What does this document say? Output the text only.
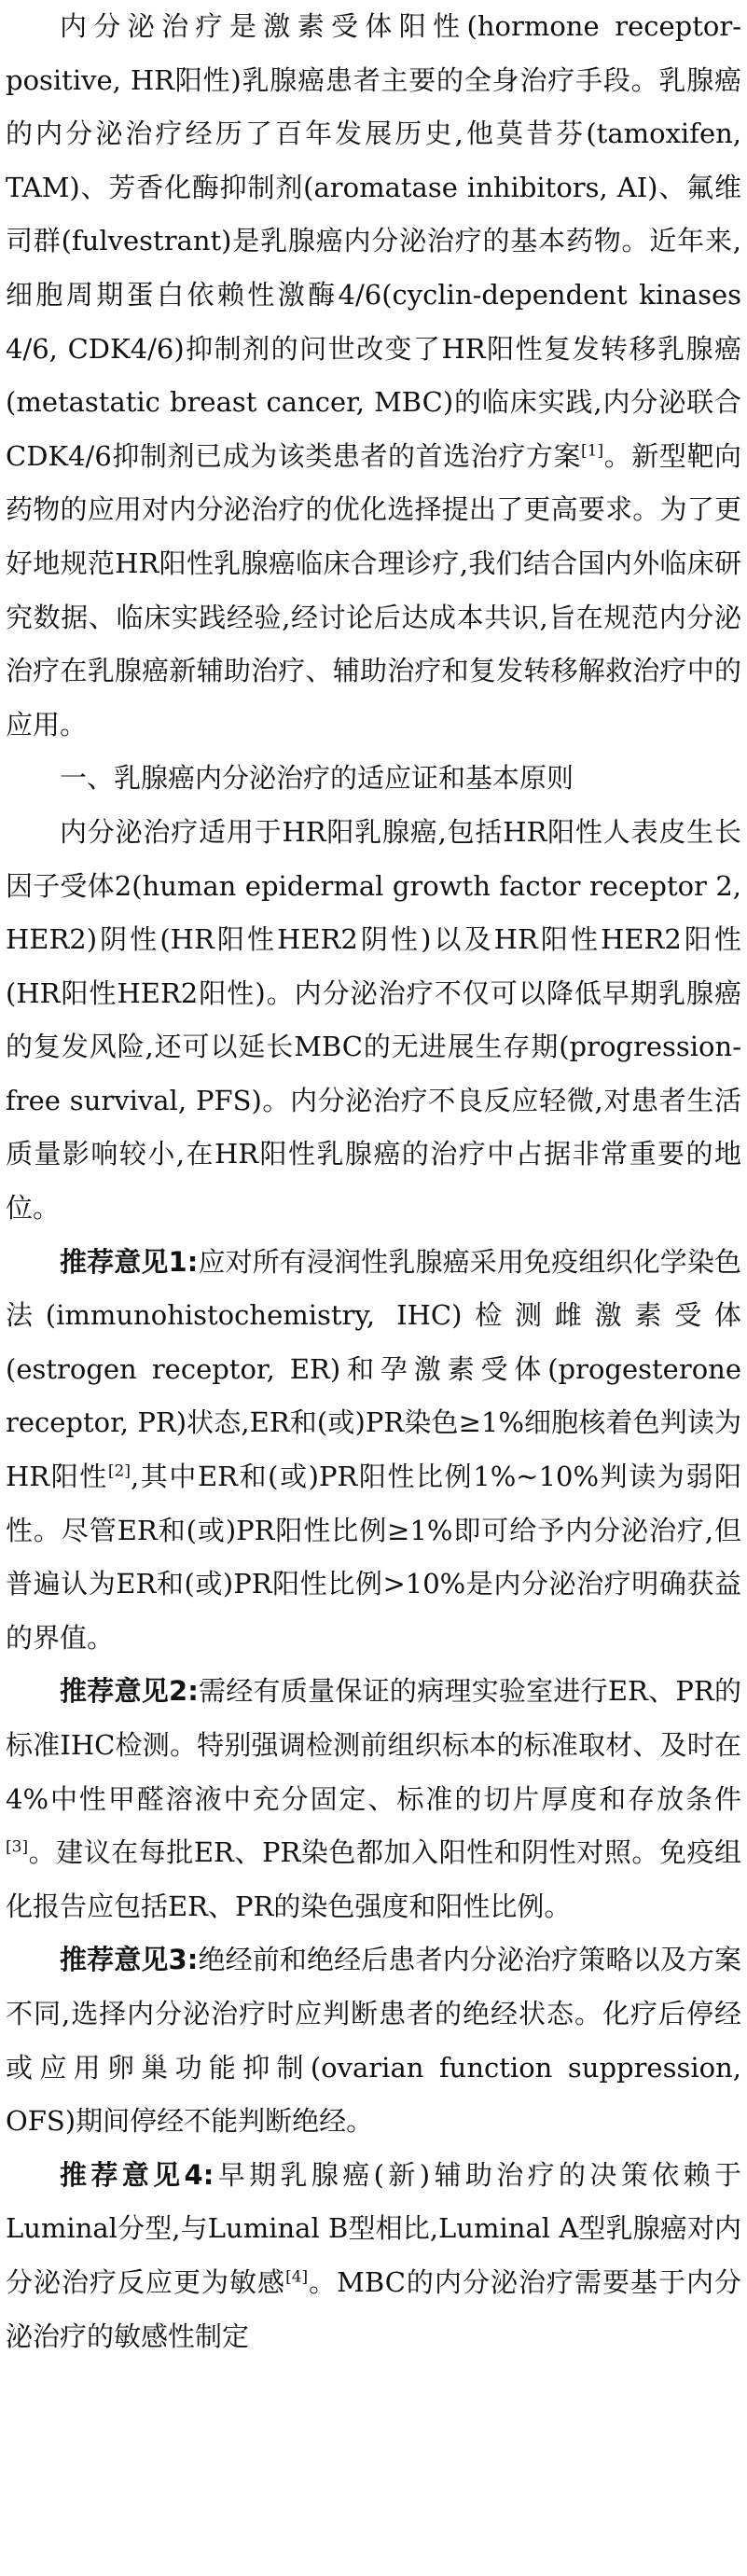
内分泌治疗是激素受体阳性(hormone receptor-positive, HR阳性)乳腺癌患者主要的全身治疗手段。乳腺癌的内分泌治疗经历了百年发展历史,他莫昔芬(tamoxifen, TAM)、芳香化酶抑制剂(aromatase inhibitors, AI)、氟维司群(fulvestrant)是乳腺癌内分泌治疗的基本药物。近年来,细胞周期蛋白依赖性激酶4/6(cyclin-dependent kinases 4/6, CDK4/6)抑制剂的问世改变了HR阳性复发转移乳腺癌(metastatic breast cancer, MBC)的临床实践,内分泌联合CDK4/6抑制剂已成为该类患者的首选治疗方案[1]。新型靶向药物的应用对内分泌治疗的优化选择提出了更高要求。为了更好地规范HR阳性乳腺癌临床合理诊疗,我们结合国内外临床研究数据、临床实践经验,经讨论后达成本共识,旨在规范内分泌治疗在乳腺癌新辅助治疗、辅助治疗和复发转移解救治疗中的应用。

一、乳腺癌内分泌治疗的适应证和基本原则

内分泌治疗适用于HR阳乳腺癌,包括HR阳性人表皮生长因子受体2(human epidermal growth factor receptor 2, HER2)阴性(HR阳性HER2阴性)以及HR阳性HER2阳性(HR阳性HER2阳性)。内分泌治疗不仅可以降低早期乳腺癌的复发风险,还可以延长MBC的无进展生存期(progression-free survival, PFS)。内分泌治疗不良反应轻微,对患者生活质量影响较小,在HR阳性乳腺癌的治疗中占据非常重要的地位。

推荐意见1:应对所有浸润性乳腺癌采用免疫组织化学染色法(immunohistochemistry, IHC)检测雌激素受体(estrogen receptor, ER)和孕激素受体(progesterone receptor, PR)状态,ER和(或)PR染色≥1%细胞核着色判读为HR阳性[2],其中ER和(或)PR阳性比例1%~10%判读为弱阳性。尽管ER和(或)PR阳性比例≥1%即可给予内分泌治疗,但普遍认为ER和(或)PR阳性比例>10%是内分泌治疗明确获益的界值。

推荐意见2:需经有质量保证的病理实验室进行ER、PR的标准IHC检测。特别强调检测前组织标本的标准取材、及时在4%中性甲醛溶液中充分固定、标准的切片厚度和存放条件[3]。建议在每批ER、PR染色都加入阳性和阴性对照。免疫组化报告应包括ER、PR的染色强度和阳性比例。

推荐意见3:绝经前和绝经后患者内分泌治疗策略以及方案不同,选择内分泌治疗时应判断患者的绝经状态。化疗后停经或应用卵巢功能抑制(ovarian function suppression, OFS)期间停经不能判断绝经。

推荐意见4:早期乳腺癌(新)辅助治疗的决策依赖于Luminal分型,与Luminal B型相比,Luminal A型乳腺癌对内分泌治疗反应更为敏感[4]。MBC的内分泌治疗需要基于内分泌治疗的敏感性制定
